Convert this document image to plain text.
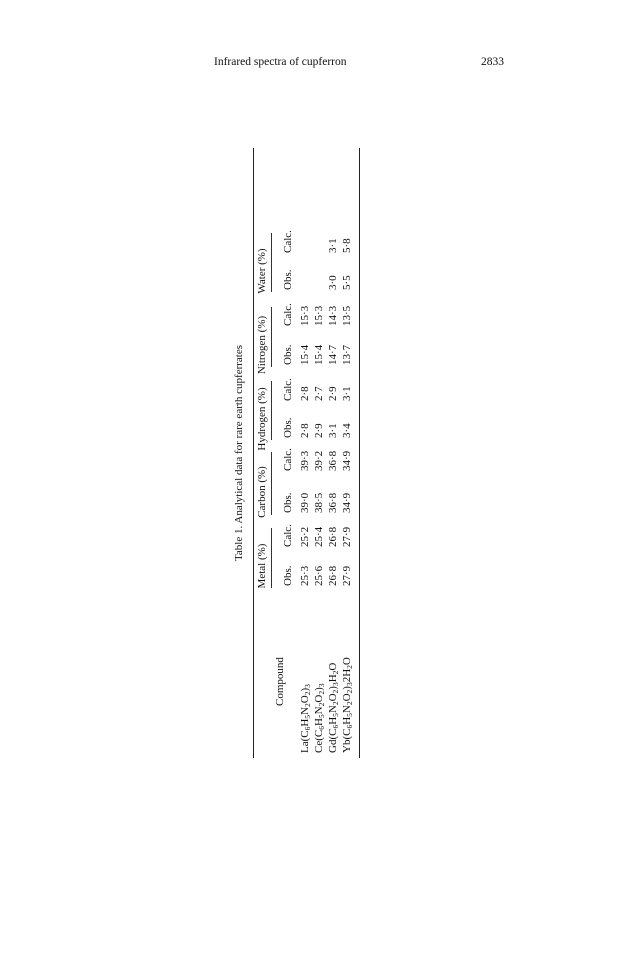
Infrared spectra of cupferron	2833
Table 1. Analytical data for rare earth cupferrates
Compound
Metal (%) Obs.
Calc.
Carbon (%) Obs.
Calc.
Hydrogen (%) Obs.
Calc.
Nitrogen (%) Obs.
Calc.
Water (%) Obs.
Calc.
$La(C_6H_5N_2O_2)_3$
25·3
25·2
39·0
39·3
2·8
2·8
15·4
15·3
$Ce(C_6H_5N_2O_2)_3$
25·6
25·4
38·5
39·2
2·9
2·7
15·4
15·3
$Gd(C_6H_5N_2O_2)_3H_2O$
26·8
26·8
36·8
36·8
3·1
2·9
14·7
14·3
3·0
3·1
$Yb(C_6H_5N_2O_2)_32H_2O$
27·9
27·9
34·9
34·9
3·4
3·1
13·7
13·5
5·5
5·8
